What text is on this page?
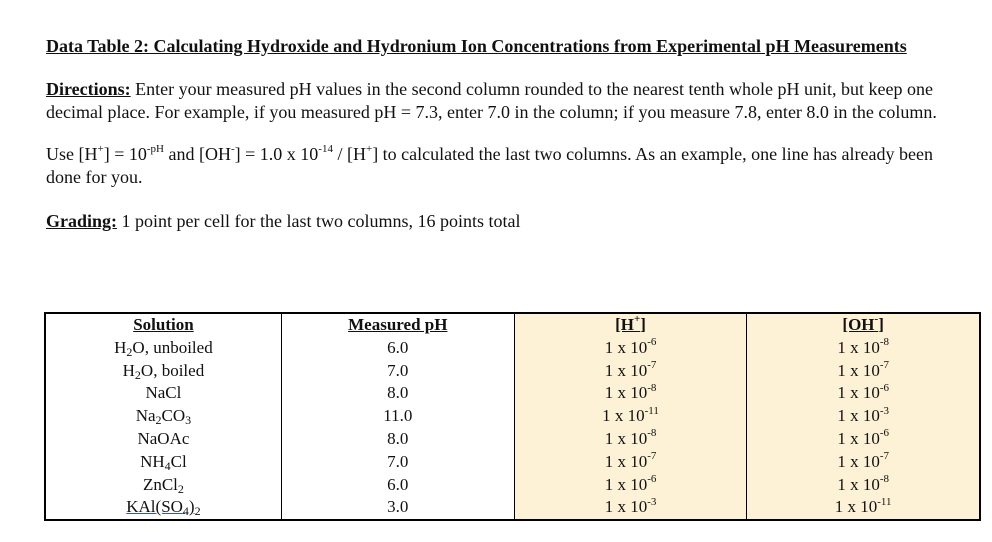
Data Table 2: Calculating Hydroxide and Hydronium Ion Concentrations from Experimental pH Measurements

Directions: Enter your measured pH values in the second column rounded to the nearest tenth whole pH unit, but keep one decimal place. For example, if you measured pH = 7.3, enter 7.0 in the column; if you measure 7.8, enter 8.0 in the column.

Use $[H^+] = 10^{-pH}$ and [OH-] = 1.0 x $10^{-14} / [H^+]$ to calculated the last two columns. As an example, one line has already been done for you.

Grading: 1 point per cell for the last two columns, 16 points total

Solution	Measured pH	[H+]	[OH-]
$H_2O$, unboiled	6.0	1 x $10^{-6}$	1 x $10^{-8}$
$H_2O$, boiled	7.0	1 x $10^{-7}$	1 x $10^{-7}$
NaCl	8.0	1 x $10^{-8}$	1 x $10^{-6}$
$Na_2CO_3$	11.0	1 x $10^{-11}$	1 x $10^{-3}$
NaOAc	8.0	1 x $10^{-8}$	1 x $10^{-6}$
$NH_4Cl$	7.0	1 x $10^{-7}$	1 x $10^{-7}$
ZnCl$_2$	6.0	1 x $10^{-6}$	1 x $10^{-8}$
$KAl(SO_4)_2$	3.0	1 x $10^{-3}$	1 x $10^{-11}$
